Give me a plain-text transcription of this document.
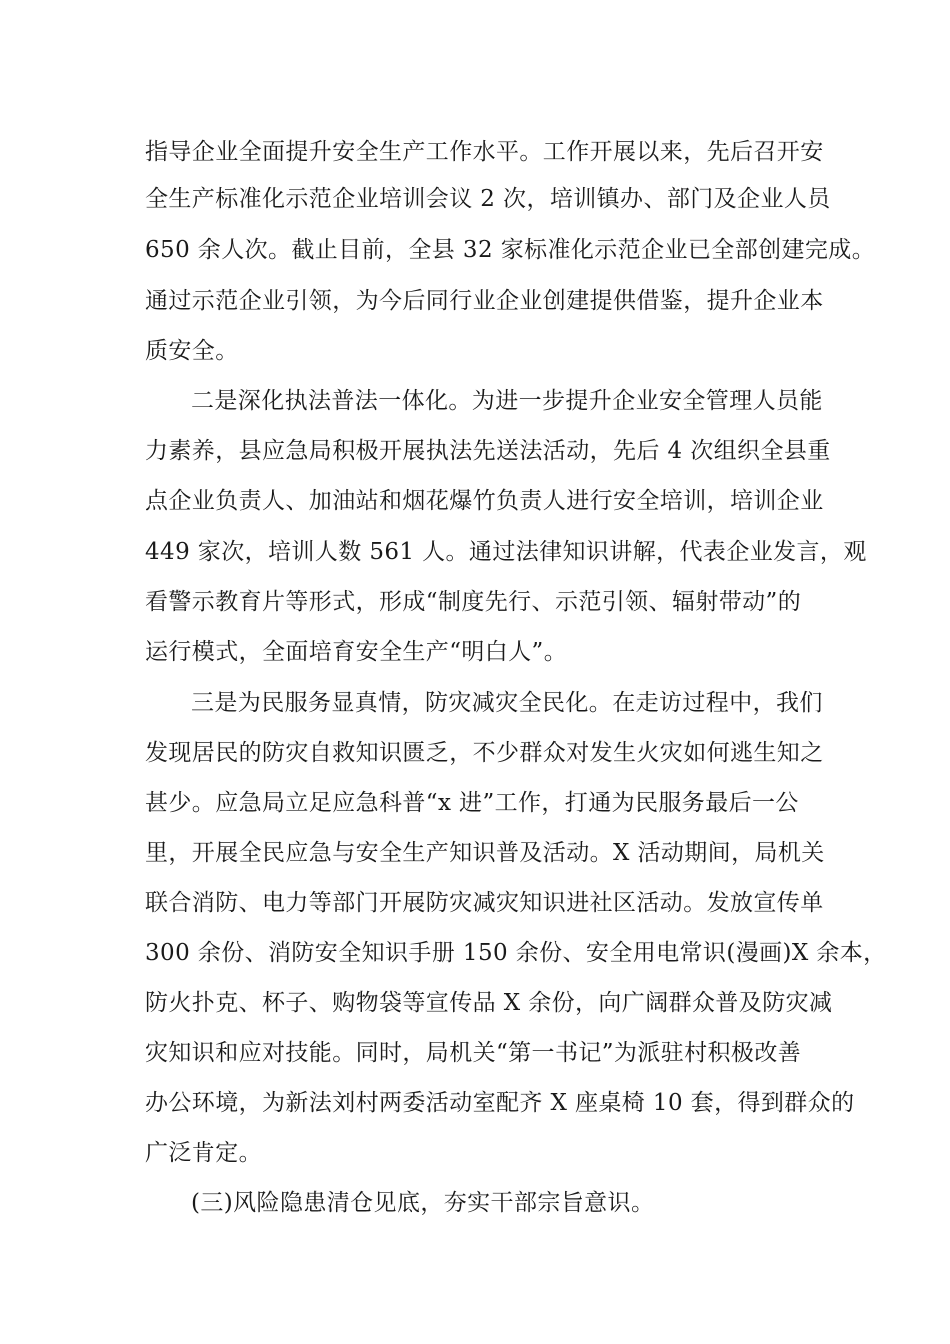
指导企业全面提升安全生产工作水平。工作开展以来，先后召开安
全生产标准化示范企业培训会议 2 次，培训镇办、部门及企业人员
650 余人次。截止目前，全县 32 家标准化示范企业已全部创建完成。
通过示范企业引领，为今后同行业企业创建提供借鉴，提升企业本
质安全。
二是深化执法普法一体化。为进一步提升企业安全管理人员能
力素养，县应急局积极开展执法先送法活动，先后 4 次组织全县重
点企业负责人、加油站和烟花爆竹负责人进行安全培训，培训企业
449 家次，培训人数 561 人。通过法律知识讲解，代表企业发言，观
看警示教育片等形式，形成“制度先行、示范引领、辐射带动”的
运行模式，全面培育安全生产“明白人”。
三是为民服务显真情，防灾减灾全民化。在走访过程中，我们
发现居民的防灾自救知识匮乏，不少群众对发生火灾如何逃生知之
甚少。应急局立足应急科普“x 进”工作，打通为民服务最后一公
里，开展全民应急与安全生产知识普及活动。X 活动期间，局机关
联合消防、电力等部门开展防灾减灾知识进社区活动。发放宣传单
300 余份、消防安全知识手册 150 余份、安全用电常识(漫画)X 余本，
防火扑克、杯子、购物袋等宣传品 X 余份，向广阔群众普及防灾减
灾知识和应对技能。同时，局机关“第一书记”为派驻村积极改善
办公环境，为新法刘村两委活动室配齐 X 座桌椅 10 套，得到群众的
广泛肯定。
(三)风险隐患清仓见底，夯实干部宗旨意识。
